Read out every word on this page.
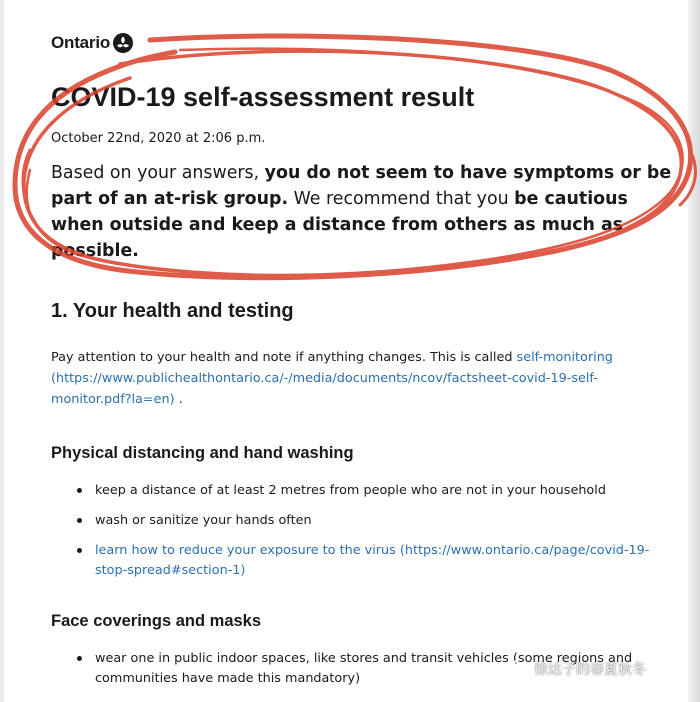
Ontario
COVID-19 self-assessment result
October 22nd, 2020 at 2:06 p.m.

Based on your answers, you do not seem to have symptoms or be part of an at-risk group. We recommend that you be cautious when outside and keep a distance from others as much as possible.

1. Your health and testing

Pay attention to your health and note if anything changes. This is called self-monitoring (https://www.publichealthontario.ca/-/media/documents/ncov/factsheet-covid-19-self-monitor.pdf?la=en) .

Physical distancing and hand washing
keep a distance of at least 2 metres from people who are not in your household
wash or sanitize your hands often
learn how to reduce your exposure to the virus (https://www.ontario.ca/page/covid-19-stop-spread#section-1)
Face coverings and masks
wear one in public indoor spaces, like stores and transit vehicles (some regions and communities have made this mandatory)
徐达子的春夏秋冬
